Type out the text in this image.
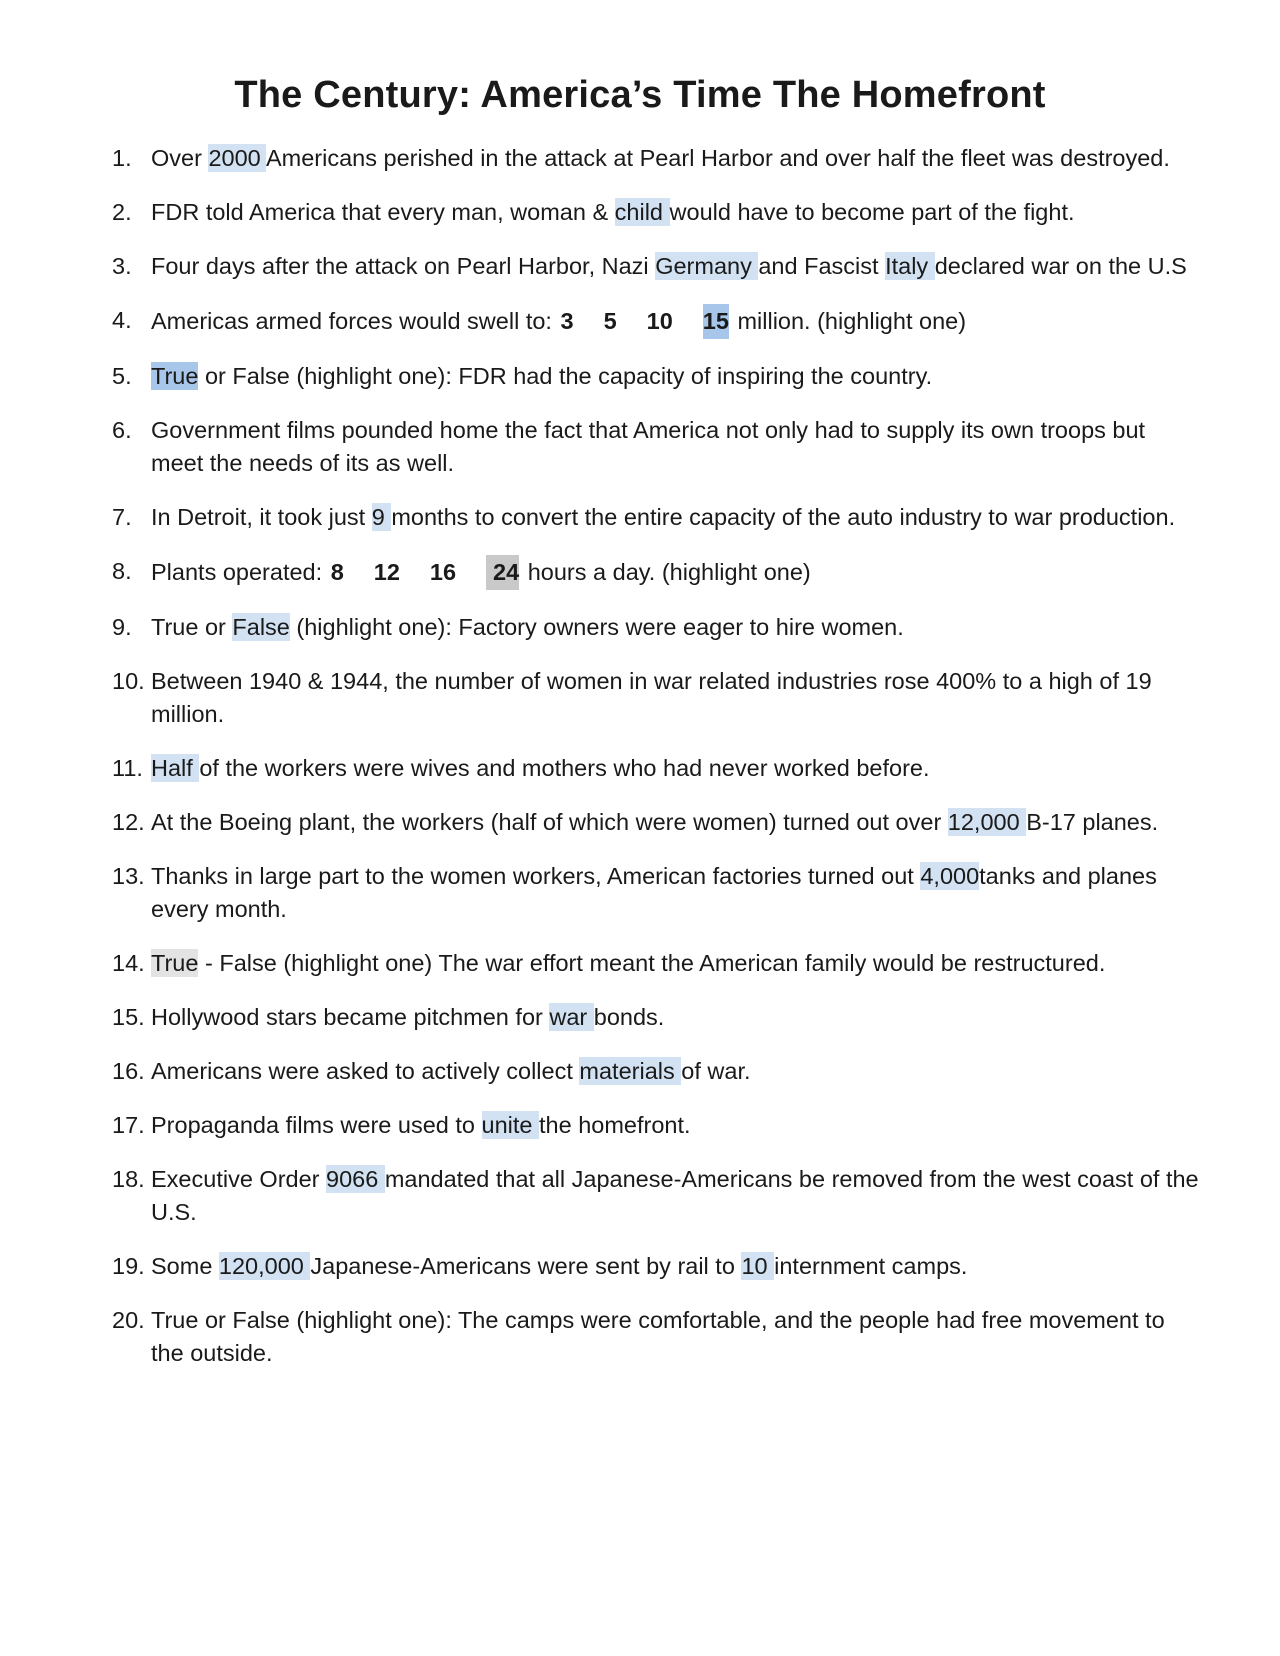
The Century: America’s Time The Homefront
1. Over 2000 Americans perished in the attack at Pearl Harbor and over half the fleet was destroyed.
2. FDR told America that every man, woman & child would have to become part of the fight.
3. Four days after the attack on Pearl Harbor, Nazi Germany and Fascist Italy declared war on the U.S
4. Americas armed forces would swell to: 3 5 10 15 million. (highlight one)
5. True or False (highlight one): FDR had the capacity of inspiring the country.
6. Government films pounded home the fact that America not only had to supply its own troops but meet the needs of its as well.
7. In Detroit, it took just 9 months to convert the entire capacity of the auto industry to war production.
8. Plants operated: 8 12 16 24 hours a day. (highlight one)
9. True or False (highlight one): Factory owners were eager to hire women.
10. Between 1940 & 1944, the number of women in war related industries rose 400% to a high of 19 million.
11. Half of the workers were wives and mothers who had never worked before.
12. At the Boeing plant, the workers (half of which were women) turned out over 12,000 B-17 planes.
13. Thanks in large part to the women workers, American factories turned out 4,000tanks and planes every month.
14. True - False (highlight one) The war effort meant the American family would be restructured.
15. Hollywood stars became pitchmen for war bonds.
16. Americans were asked to actively collect materials of war.
17. Propaganda films were used to unite the homefront.
18. Executive Order 9066 mandated that all Japanese-Americans be removed from the west coast of the U.S.
19. Some 120,000 Japanese-Americans were sent by rail to 10 internment camps.
20. True or False (highlight one): The camps were comfortable, and the people had free movement to the outside.
